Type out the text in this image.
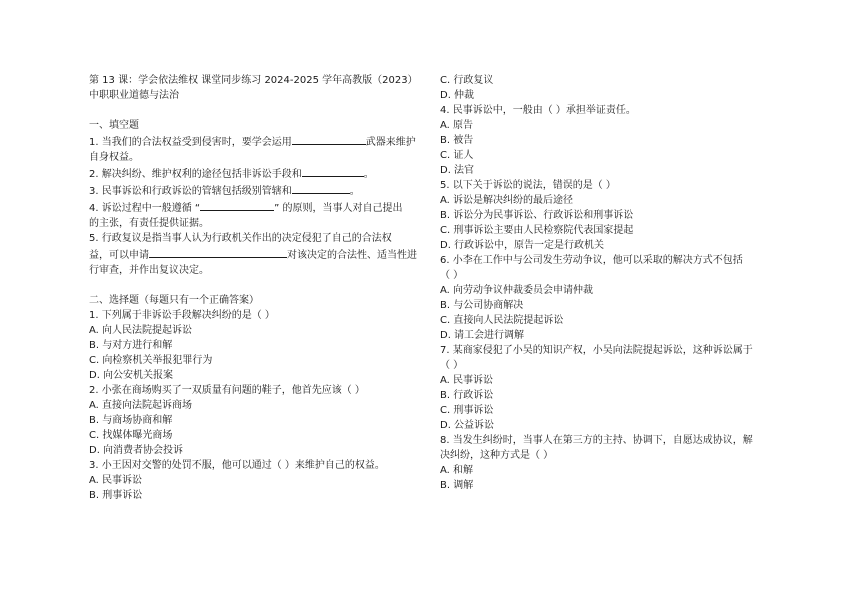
第 13 课：学会依法维权 课堂同步练习 2024-2025 学年高教版（2023）
中职职业道德与法治
一、填空题
1. 当我们的合法权益受到侵害时，要学会运用	武器来维护
自身权益。
2. 解决纠纷、维护权利的途径包括非诉讼手段和	。
3. 民事诉讼和行政诉讼的管辖包括级别管辖和	。
4. 诉讼过程中一般遵循 “	” 的原则，当事人对自己提出
的主张，有责任提供证据。
5. 行政复议是指当事人认为行政机关作出的决定侵犯了自己的合法权
益，可以申请	对该决定的合法性、适当性进
行审查，并作出复议决定。
二、选择题（每题只有一个正确答案）
1. 下列属于非诉讼手段解决纠纷的是（ ）
A. 向人民法院提起诉讼
B. 与对方进行和解
C. 向检察机关举报犯罪行为
D. 向公安机关报案
2. 小张在商场购买了一双质量有问题的鞋子，他首先应该（ ）
A. 直接向法院起诉商场
B. 与商场协商和解
C. 找媒体曝光商场
D. 向消费者协会投诉
3. 小王因对交警的处罚不服，他可以通过（ ）来维护自己的权益。
A. 民事诉讼
B. 刑事诉讼
C. 行政复议
D. 仲裁
4. 民事诉讼中，一般由（ ）承担举证责任。
A. 原告
B. 被告
C. 证人
D. 法官
5. 以下关于诉讼的说法，错误的是（ ）
A. 诉讼是解决纠纷的最后途径
B. 诉讼分为民事诉讼、行政诉讼和刑事诉讼
C. 刑事诉讼主要由人民检察院代表国家提起
D. 行政诉讼中，原告一定是行政机关
6. 小李在工作中与公司发生劳动争议，他可以采取的解决方式不包括
（ ）
A. 向劳动争议仲裁委员会申请仲裁
B. 与公司协商解决
C. 直接向人民法院提起诉讼
D. 请工会进行调解
7. 某商家侵犯了小吴的知识产权，小吴向法院提起诉讼，这种诉讼属于
（ ）
A. 民事诉讼
B. 行政诉讼
C. 刑事诉讼
D. 公益诉讼
8. 当发生纠纷时，当事人在第三方的主持、协调下，自愿达成协议，解
决纠纷，这种方式是（ ）
A. 和解
B. 调解
